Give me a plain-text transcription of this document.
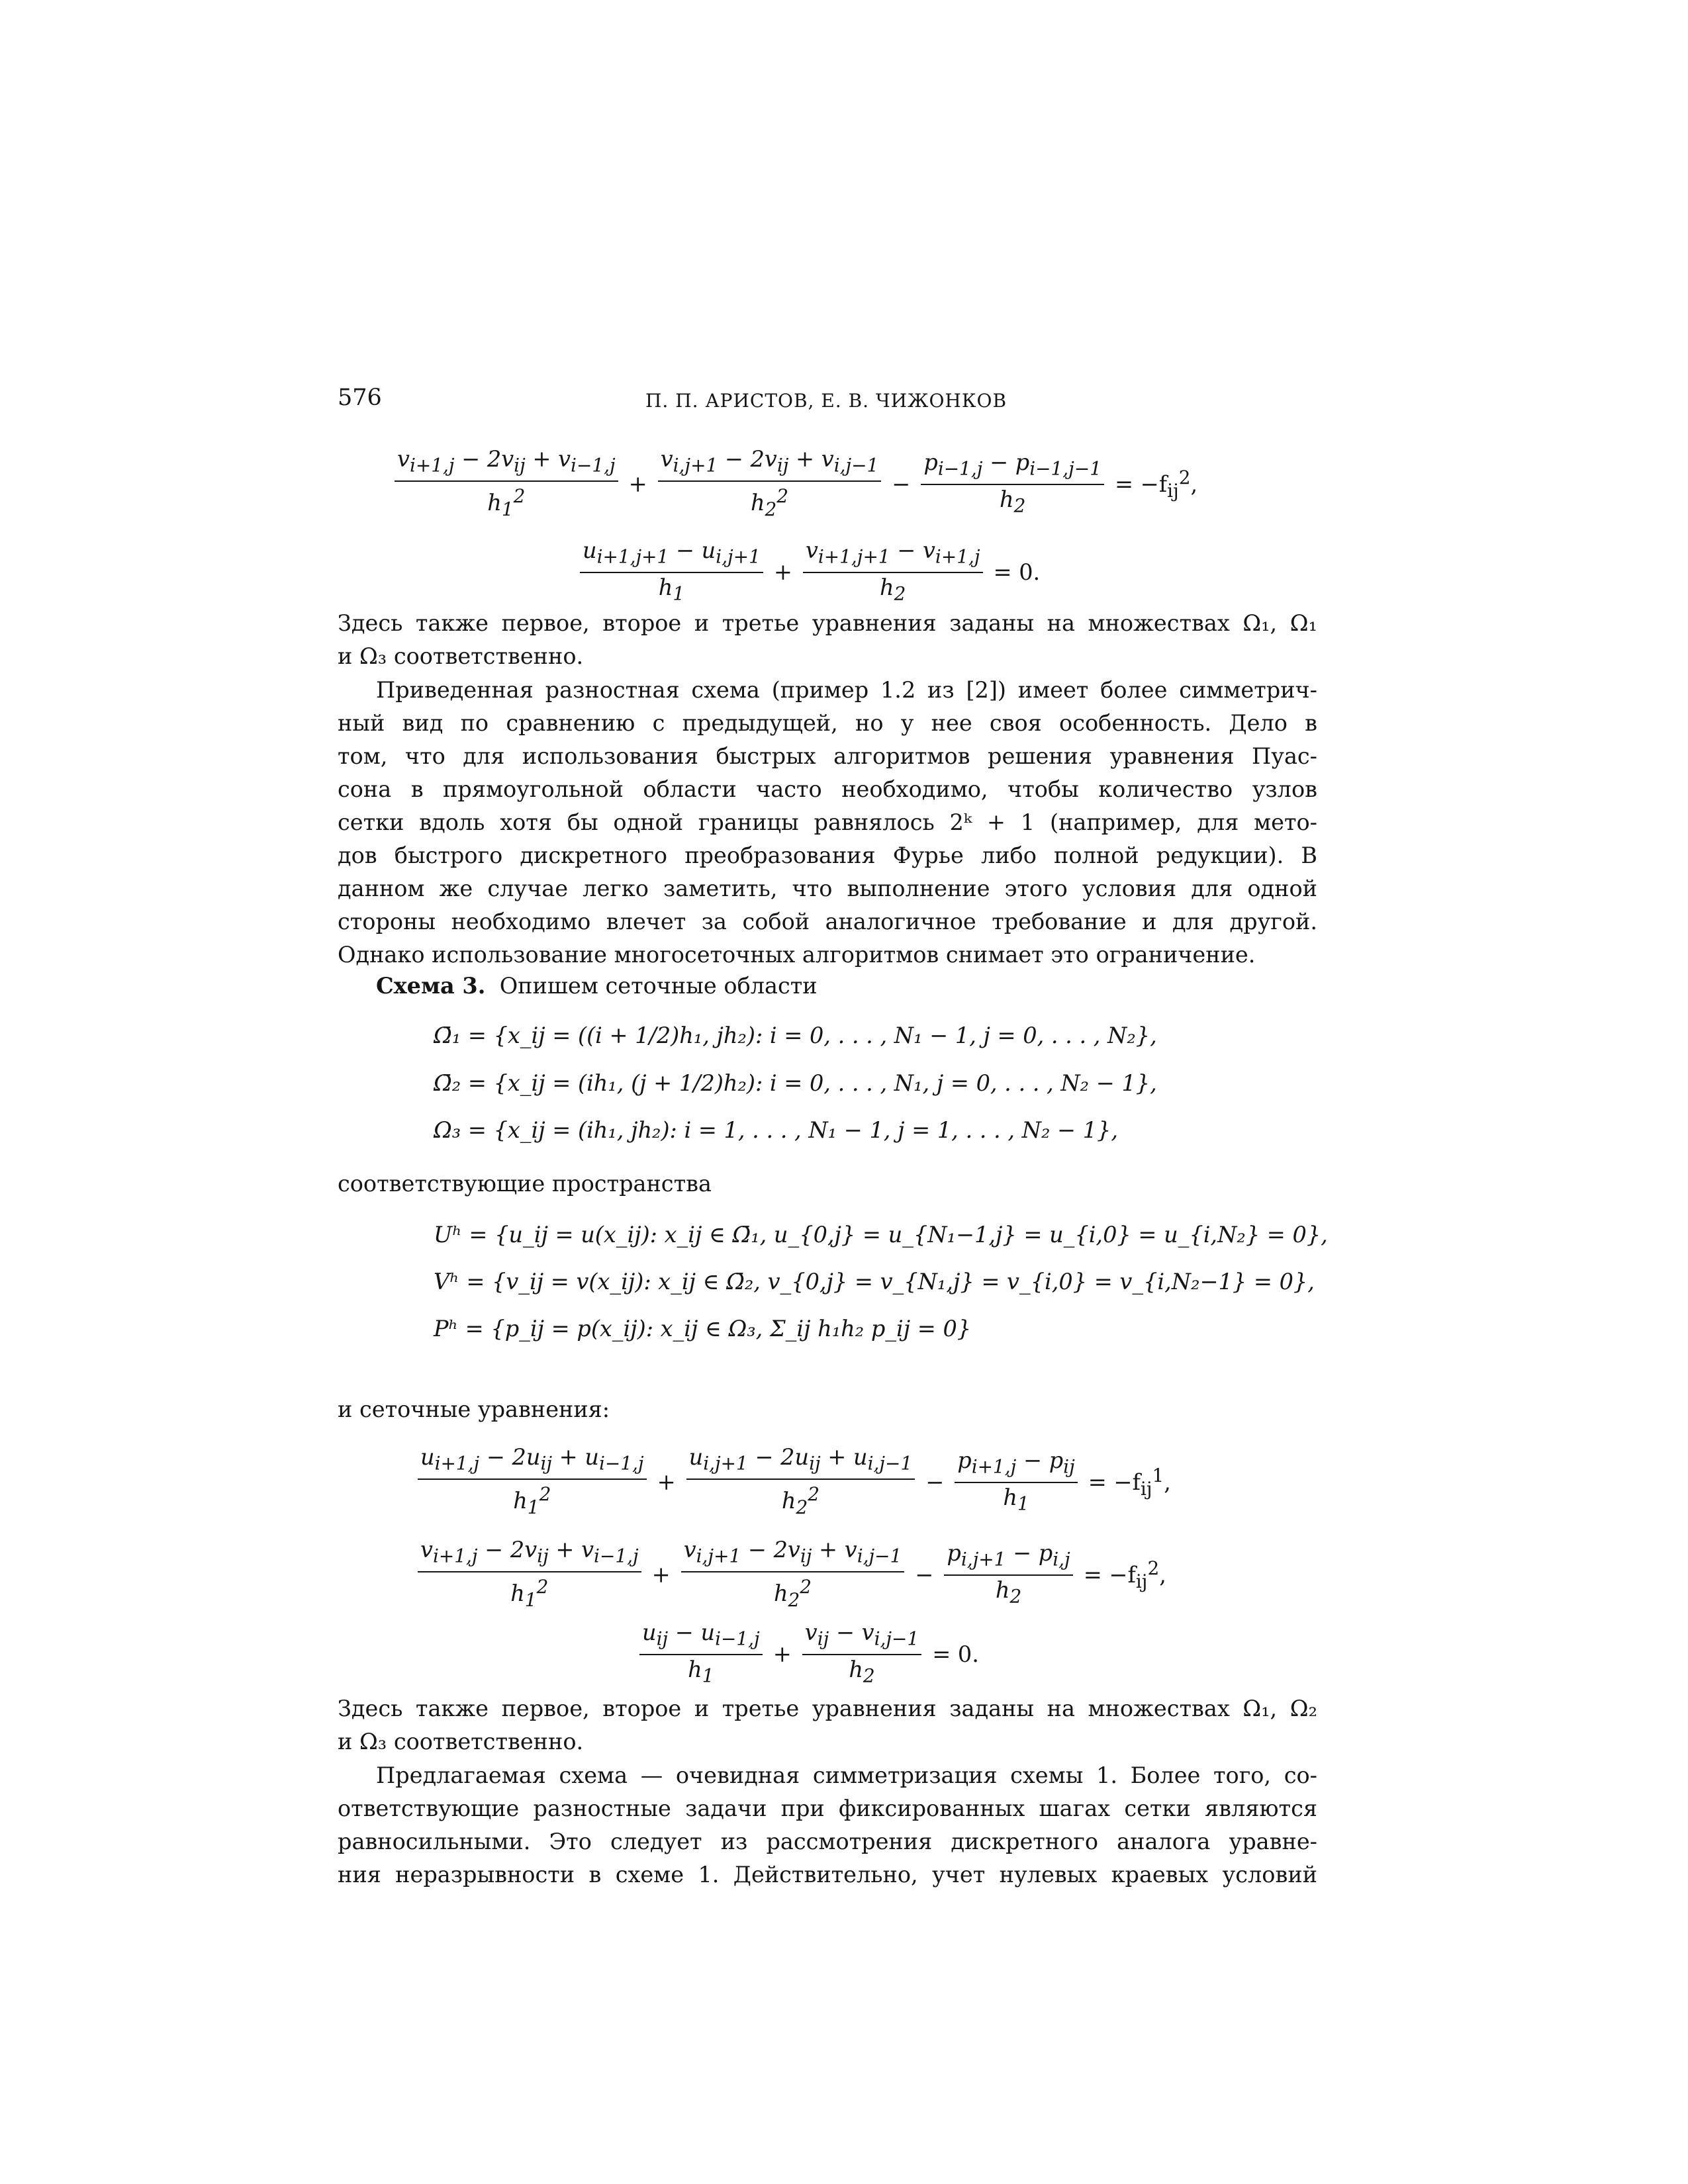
576	П. П. АРИСТОВ, Е. В. ЧИЖОНКОВ
$v_{i+1,j} - 2v_{ij} + v_{i-1,j}$
$h_1^2$	+
$v_{i,j+1} - 2v_{ij} + v_{i,j-1}$
$h_2^2$	− $\frac{p_{i-1,j} - p_{i-1,j-1}}{h_2} = -f_{ij}^2$,
$u_{i+1,j+1} - u_{i,j+1}$
$h_1$
+ $\frac{v_{i+1,j+1} - v_{i+1,j}}{h_2} = 0$.

Здесь также первое, второе и третье уравнения заданы на множествах Ω₁, Ω₁

и Ω₃ соответственно.

Приведенная разностная схема (пример 1.2 из [2]) имеет более симметрич-

ный вид по сравнению с предыдущей, но у нее своя особенность. Дело в

том, что для использования быстрых алгоритмов решения уравнения Пуас-

сона в прямоугольной области часто необходимо, чтобы количество узлов

сетки вдоль хотя бы одной границы равнялось 2ᵏ + 1 (например, для мето-

дов быстрого дискретного преобразования Фурье либо полной редукции). В

данном же случае легко заметить, что выполнение этого условия для одной

стороны необходимо влечет за собой аналогичное требование и для другой.

Однако использование многосеточных алгоритмов снимает это ограничение.

Схема 3. Опишем сеточные области
Ω̄₁ = {x_ij = ((i + 1/2)h₁, jh₂): i = 0, . . . , N₁ − 1, j = 0, . . . , N₂},
Ω̄₂ = {x_ij = (ih₁, (j + 1/2)h₂): i = 0, . . . , N₁, j = 0, . . . , N₂ − 1},
Ω₃ = {x_ij = (ih₁, jh₂): i = 1, . . . , N₁ − 1, j = 1, . . . , N₂ − 1},
соответствующие пространства
Uʰ = {u_ij = u(x_ij): x_ij ∈ Ω̄₁, u_{0,j} = u_{N₁−1,j} = u_{i,0} = u_{i,N₂} = 0},
Vʰ = {v_ij = v(x_ij): x_ij ∈ Ω̄₂, v_{0,j} = v_{N₁,j} = v_{i,0} = v_{i,N₂−1} = 0},
Pʰ = {p_ij = p(x_ij): x_ij ∈ Ω₃, Σ_ij h₁h₂ p_ij = 0}
и сеточные уравнения:
$u_{i+1,j} - 2u_{ij} + u_{i-1,j}$
$h_1^2$	+
$u_{i,j+1} - 2u_{ij} + u_{i,j-1}$
$h_2^2$	−
$p_{i+1,j} - p_{ij}$
$h_1$
= $-f_{ij}^1$,
$v_{i+1,j} - 2v_{ij} + v_{i-1,j}$
$h_1^2$	+
$v_{i,j+1} - 2v_{ij} + v_{i,j-1}$
$h_2^2$	− $\frac{p_{i,j+1} - p_{i,j}}{h_2} = -f_{ij}^2$,
$u_{ij} - u_{i-1,j}$
$h_1$
+
$v_{ij} - v_{i,j-1}$
$h_2$
= 0.

Здесь также первое, второе и третье уравнения заданы на множествах Ω₁, Ω₂

и Ω₃ соответственно.

Предлагаемая схема — очевидная симметризация схемы 1. Более того, со-

ответствующие разностные задачи при фиксированных шагах сетки являются

равносильными. Это следует из рассмотрения дискретного аналога уравне-

ния неразрывности в схеме 1. Действительно, учет нулевых краевых условий
